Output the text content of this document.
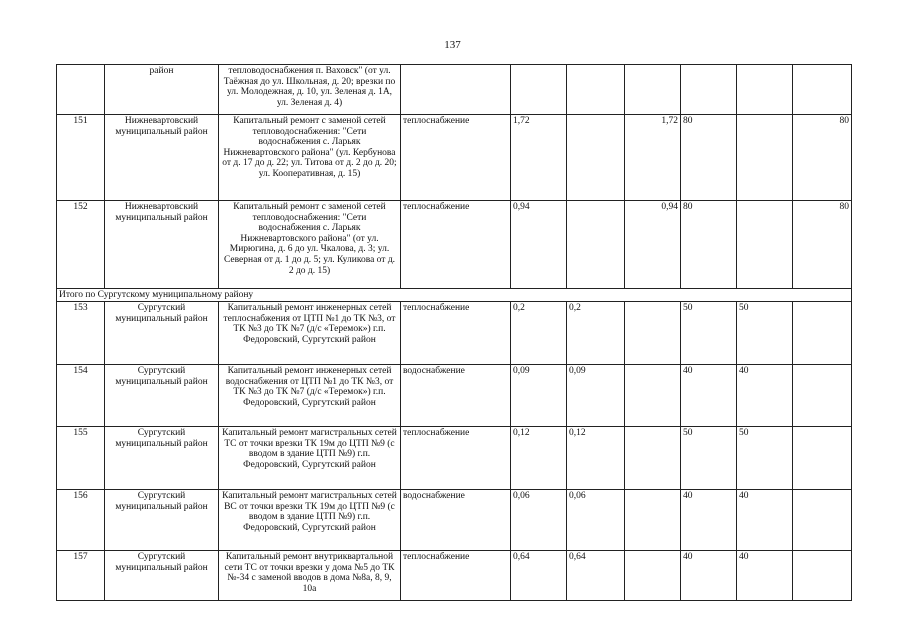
137
	район	тепловодоснабжения п. Ваховск" (от ул. Таёжная до ул. Школьная, д. 20; врезки по ул. Молодежная, д. 10, ул. Зеленая д. 1А, ул. Зеленая д. 4)							
151	Нижневартовский муниципальный район	Капитальный ремонт с заменой сетей тепловодоснабжения: "Сети водоснабжения с. Ларьяк Нижневартовского района" (ул. Кербунова от д. 17 до д. 22; ул. Титова от д. 2 до д. 20; ул. Кооперативная, д. 15)	теплоснабжение	1,72		1,72	80		80
152	Нижневартовский муниципальный район	Капитальный ремонт с заменой сетей тепловодоснабжения: "Сети водоснабжения с. Ларьяк Нижневартовского района" (от ул. Мирюгина, д. 6 до ул. Чкалова, д. 3; ул. Северная от д. 1 до д. 5; ул. Куликова от д. 2 до д. 15)	теплоснабжение	0,94		0,94	80		80
Итого по Сургутскому муниципальному району									
153	Сургутский муниципальный район	Капитальный ремонт инженерных сетей теплоснабжения от ЦТП №1 до ТК №3, от ТК №3 до ТК №7 (д/с «Теремок») г.п. Федоровский, Сургутский район	теплоснабжение	0,2	0,2		50	50	
154	Сургутский муниципальный район	Капитальный ремонт инженерных сетей водоснабжения от ЦТП №1 до ТК №3, от ТК №3 до ТК №7 (д/с «Теремок») г.п. Федоровский, Сургутский район	водоснабжение	0,09	0,09		40	40	
155	Сургутский муниципальный район	Капитальный ремонт магистральных сетей ТС от точки врезки ТК 19м до ЦТП №9 (с вводом в здание ЦТП №9) г.п. Федоровский, Сургутский район	теплоснабжение	0,12	0,12		50	50	
156	Сургутский муниципальный район	Капитальный ремонт магистральных сетей ВС от точки врезки ТК 19м до ЦТП №9 (с вводом в здание ЦТП №9) г.п. Федоровский, Сургутский район	водоснабжение	0,06	0,06		40	40	
157	Сургутский муниципальный район	Капитальный ремонт внутриквартальной сети ТС от точки врезки у дома №5 до ТК №-34 с заменой вводов в дома №8а, 8, 9, 10а	теплоснабжение	0,64	0,64		40	40	
